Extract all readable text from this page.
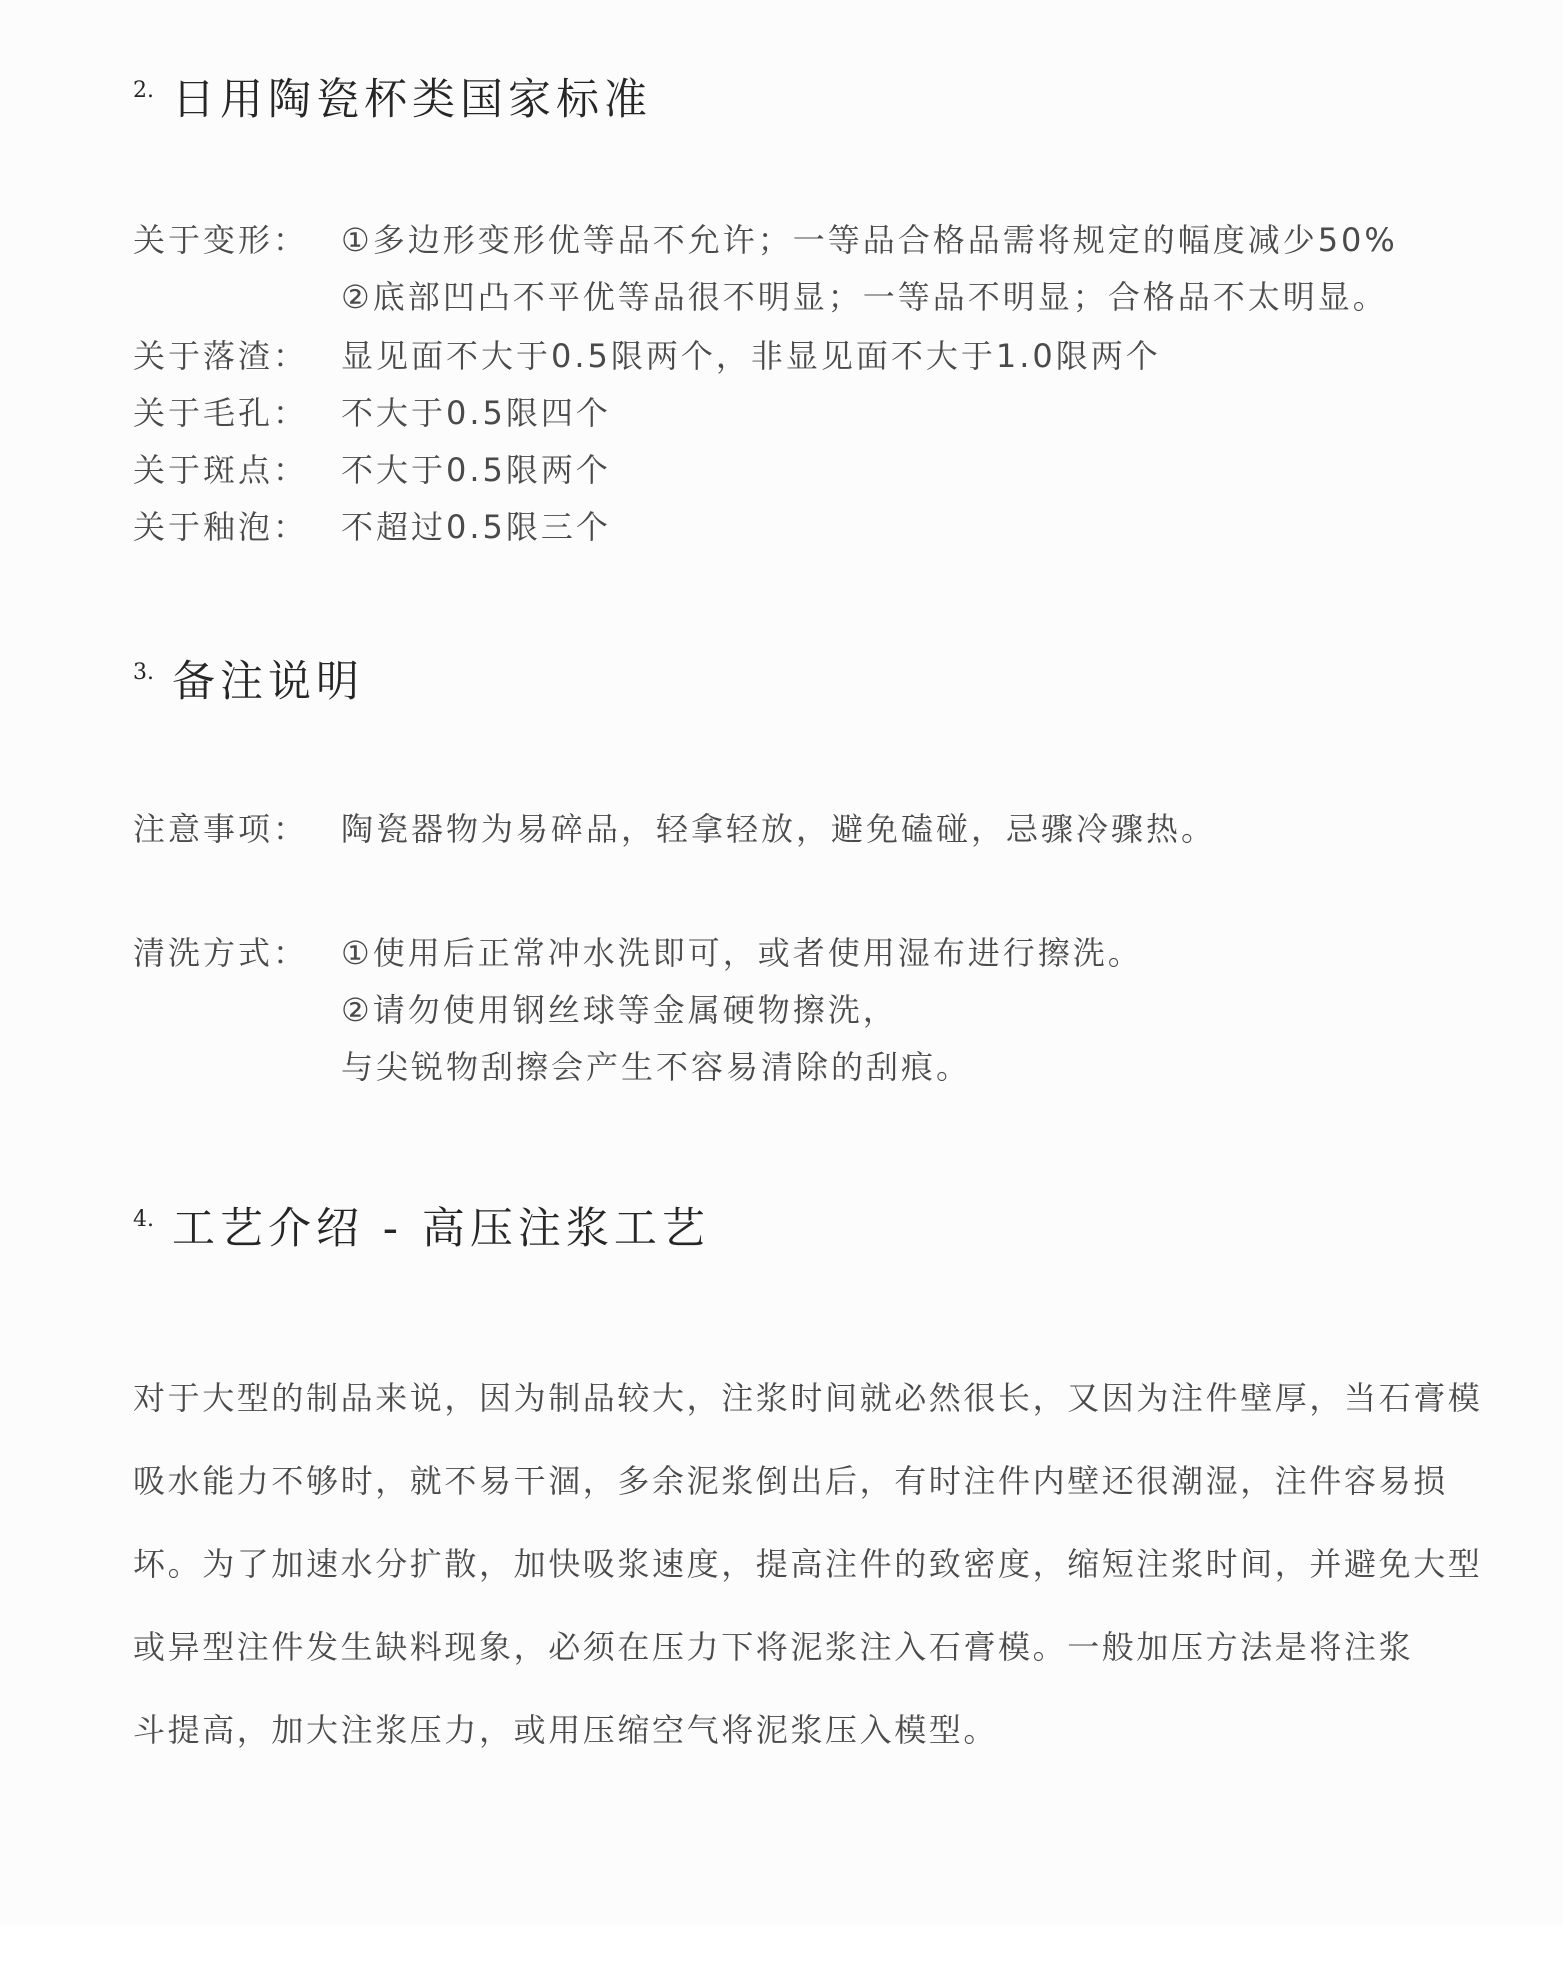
2. 日用陶瓷杯类国家标准
关于变形： ①多边形变形优等品不允许；一等品合格品需将规定的幅度减少50%
②底部凹凸不平优等品很不明显；一等品不明显；合格品不太明显。
关于落渣： 显见面不大于0.5限两个，非显见面不大于1.0限两个
关于毛孔： 不大于0.5限四个
关于斑点： 不大于0.5限两个
关于釉泡： 不超过0.5限三个
3. 备注说明
注意事项： 陶瓷器物为易碎品，轻拿轻放，避免磕碰，忌骤冷骤热。
清洗方式： ①使用后正常冲水洗即可，或者使用湿布进行擦洗。
②请勿使用钢丝球等金属硬物擦洗，
与尖锐物刮擦会产生不容易清除的刮痕。
4. 工艺介绍 - 高压注浆工艺
对于大型的制品来说，因为制品较大，注浆时间就必然很长，又因为注件壁厚，当石膏模
吸水能力不够时，就不易干涸，多余泥浆倒出后，有时注件内壁还很潮湿，注件容易损
坏。为了加速水分扩散，加快吸浆速度，提高注件的致密度，缩短注浆时间，并避免大型
或异型注件发生缺料现象，必须在压力下将泥浆注入石膏模。一般加压方法是将注浆
斗提高，加大注浆压力，或用压缩空气将泥浆压入模型。
